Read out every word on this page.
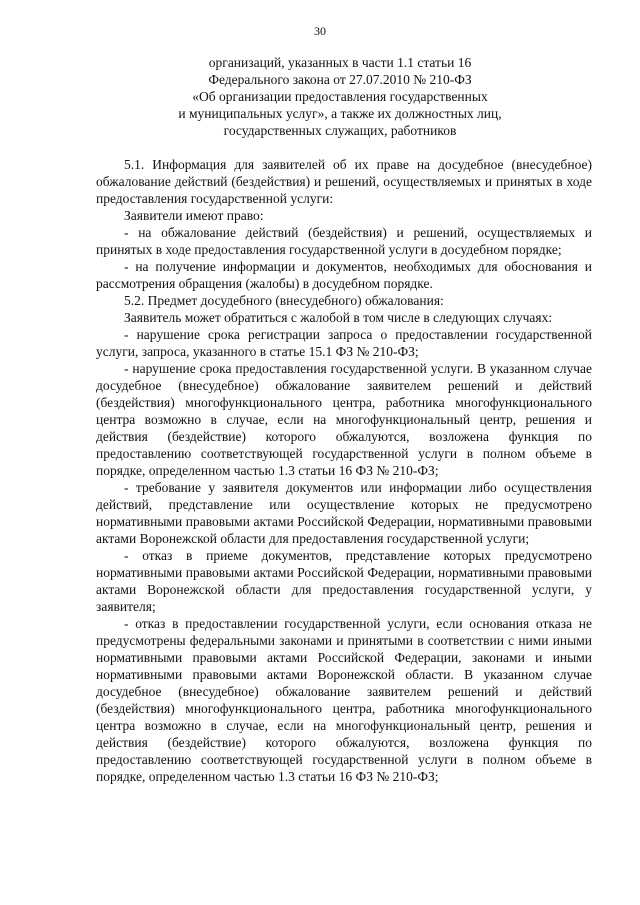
30
организаций, указанных в части 1.1 статьи 16
Федерального закона от 27.07.2010 № 210-ФЗ
«Об организации предоставления государственных
и муниципальных услуг», а также их должностных лиц,
государственных служащих, работников

5.1. Информация для заявителей об их праве на досудебное (внесудебное) обжалование действий (бездействия) и решений, осуществляемых и принятых в ходе предоставления государственной услуги:

Заявители имеют право:

- на обжалование действий (бездействия) и решений, осуществляемых и принятых в ходе предоставления государственной услуги в досудебном порядке;

- на получение информации и документов, необходимых для обоснования и рассмотрения обращения (жалобы) в досудебном порядке.

5.2. Предмет досудебного (внесудебного) обжалования:

Заявитель может обратиться с жалобой в том числе в следующих случаях:

- нарушение срока регистрации запроса о предоставлении государственной услуги, запроса, указанного в статье 15.1 ФЗ № 210-ФЗ;

- нарушение срока предоставления государственной услуги. В указанном случае досудебное (внесудебное) обжалование заявителем решений и действий (бездействия) многофункционального центра, работника многофункционального центра возможно в случае, если на многофункциональный центр, решения и действия (бездействие) которого обжалуются, возложена функция по предоставлению соответствующей государственной услуги в полном объеме в порядке, определенном частью 1.3 статьи 16 ФЗ № 210-ФЗ;

- требование у заявителя документов или информации либо осуществления действий, представление или осуществление которых не предусмотрено нормативными правовыми актами Российской Федерации, нормативными правовыми актами Воронежской области для предоставления государственной услуги;

- отказ в приеме документов, представление которых предусмотрено нормативными правовыми актами Российской Федерации, нормативными правовыми актами Воронежской области для предоставления государственной услуги, у заявителя;

- отказ в предоставлении государственной услуги, если основания отказа не предусмотрены федеральными законами и принятыми в соответствии с ними иными нормативными правовыми актами Российской Федерации, законами и иными нормативными правовыми актами Воронежской области. В указанном случае досудебное (внесудебное) обжалование заявителем решений и действий (бездействия) многофункционального центра, работника многофункционального центра возможно в случае, если на многофункциональный центр, решения и действия (бездействие) которого обжалуются, возложена функция по предоставлению соответствующей государственной услуги в полном объеме в порядке, определенном частью 1.3 статьи 16 ФЗ № 210-ФЗ;
